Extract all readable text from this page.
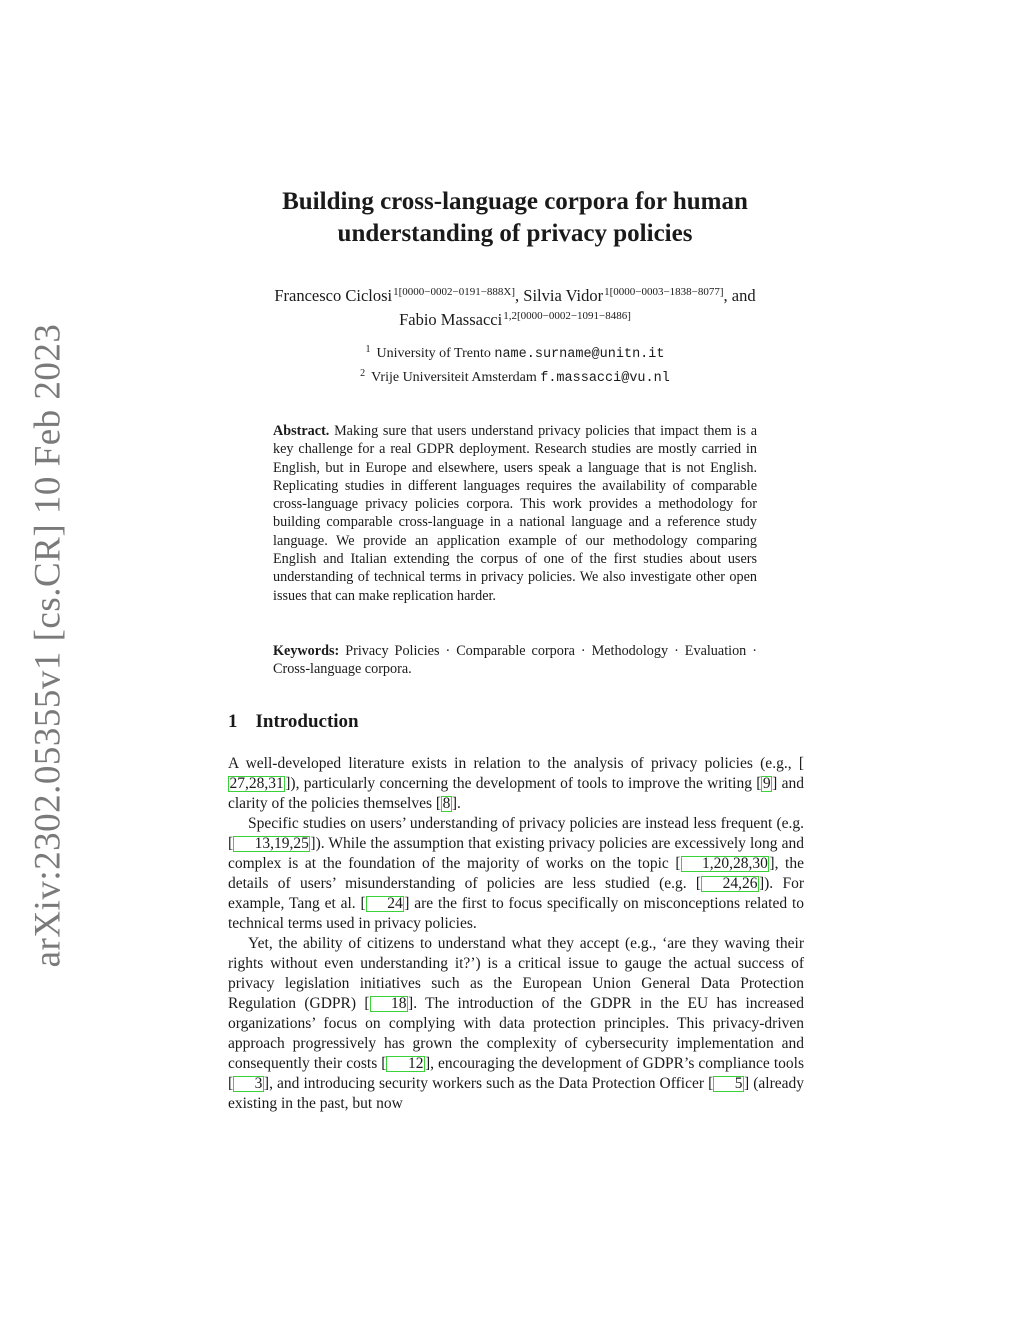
arXiv:2302.05355v1 [cs.CR] 10 Feb 2023
Building cross-language corpora for human
understanding of privacy policies
Francesco Ciclosi$^{1[0000-0002-0191-888X]}$, Silvia Vidor$^{1[0000-0003-1838-8077]}$, and
Fabio Massacci$^{1,2[0000-0002-1091-8486]}$
$^1$ University of Trento name.surname@unitn.it
$^2$ Vrije Universiteit Amsterdam f.massacci@vu.nl

Abstract. Making sure that users understand privacy policies that impact them is a key challenge for a real GDPR deployment. Research studies are mostly carried in English, but in Europe and elsewhere, users speak a language that is not English. Replicating studies in different languages requires the availability of comparable cross-language privacy policies corpora. This work provides a methodology for building comparable cross-language in a national language and a reference study language. We provide an application example of our methodology comparing English and Italian extending the corpus of one of the first studies about users understanding of technical terms in privacy policies. We also investigate other open issues that can make replication harder.

Keywords: Privacy Policies · Comparable corpora · Methodology · Evaluation · Cross-language corpora.

1 Introduction

A well-developed literature exists in relation to the analysis of privacy policies (e.g., [27,28,31]), particularly concerning the development of tools to improve the writing [9] and clarity of the policies themselves [8].

Specific studies on users’ understanding of privacy policies are instead less frequent (e.g.[ 13,19,25]). While the assumption that existing privacy policies are excessively long and complex is at the foundation of the majority of works on the topic [ 1,20,28,30], the details of users’ misunderstanding of policies are less studied (e.g. [ 24,26]). For example, Tang et al. [ 24] are the first to focus specifically on misconceptions related to technical terms used in privacy policies.

Yet, the ability of citizens to understand what they accept (e.g., ‘are they waving their rights without even understanding it?’) is a critical issue to gauge the actual success of privacy legislation initiatives such as the European Union General Data Protection Regulation (GDPR) [ 18]. The introduction of the GDPR in the EU has increased organizations’ focus on complying with data protection principles. This privacy-driven approach progressively has grown the complexity of cybersecurity implementation and consequently their costs [ 12], encouraging the development of GDPR’s compliance tools [ 3], and introducing security workers such as the Data Protection Officer [ 5] (already existing in the past, but now
